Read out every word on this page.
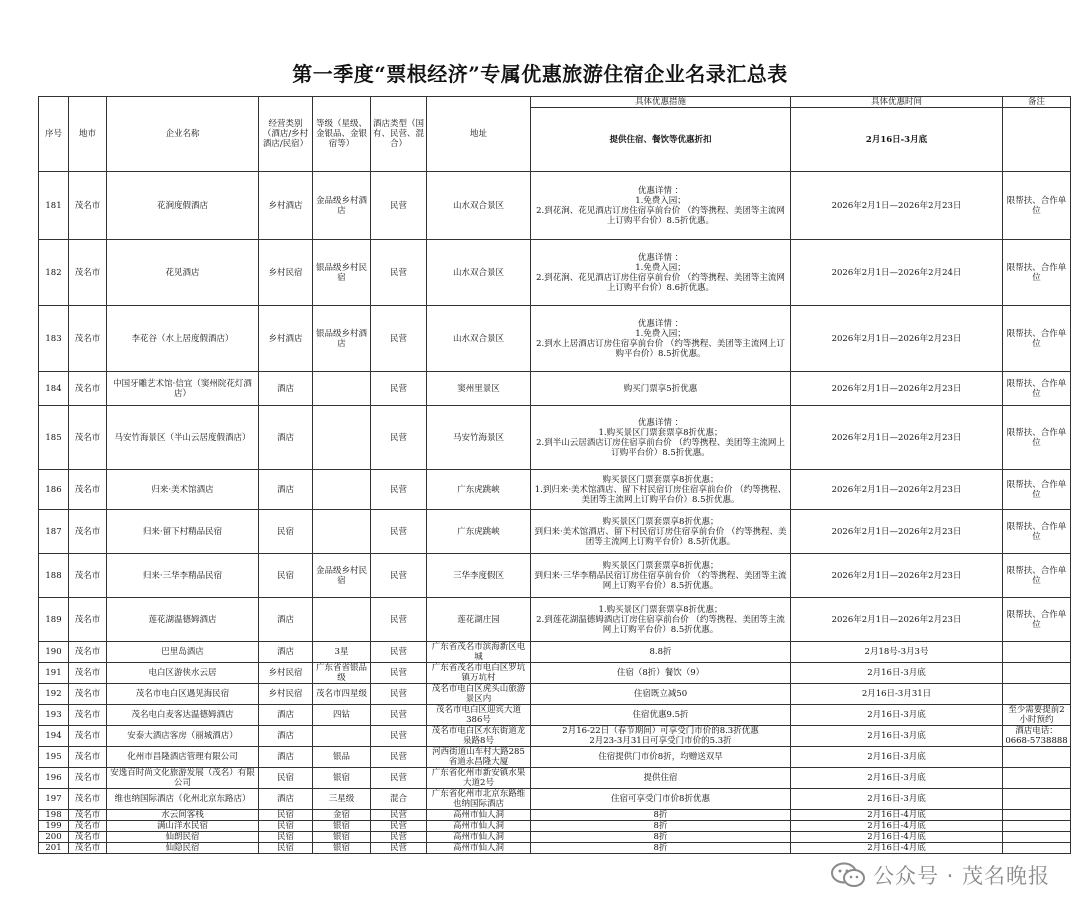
第一季度“票根经济”专属优惠旅游住宿企业名录汇总表
序号	地市	企业名称	经营类别（酒店/乡村酒店/民宿）	等级（星级、金银品、金银宿等）	酒店类型（国有、民营、混合）	地址	具体优惠措施	具体优惠时间	备注
							提供住宿、餐饮等优惠折扣	2月16日-3月底	
181	茂名市	花涧度假酒店	乡村酒店	金品级乡村酒店	民营	山水双合景区	优惠详情 ：
1.免费入园；
2.到花涧、花见酒店订房住宿享前台价 （约等携程、美团等主流网上订购平台价）8.5折优惠。	2026年2月1日—2026年2月23日	限帮扶、合作单位
182	茂名市	花见酒店	乡村民宿	银品级乡村民宿	民营	山水双合景区	优惠详情 ：
1.免费入园；
2.到花涧、花见酒店订房住宿享前台价 （约等携程、美团等主流网上订购平台价）8.6折优惠。	2026年2月1日—2026年2月24日	限帮扶、合作单位
183	茂名市	李花谷（水上居度假酒店）	乡村酒店	银品级乡村酒店	民营	山水双合景区	优惠详情 ：
1.免费入园；
2.到水上居酒店订房住宿享前台价 （约等携程、美团等主流网上订购平台价）8.5折优惠。	2026年2月1日—2026年2月23日	限帮扶、合作单位
184	茂名市	中国牙雕艺术馆·信宜（窦州院花灯酒店）	酒店		民营	窦州里景区	购买门票享5折优惠	2026年2月1日—2026年2月23日	限帮扶、合作单位
185	茂名市	马安竹海景区（半山云居度假酒店）	酒店		民营	马安竹海景区	优惠详情 ：
1.购买景区门票套票享8折优惠；
2.到半山云居酒店订房住宿享前台价 （约等携程、美团等主流网上订购平台价）8.5折优惠。	2026年2月1日—2026年2月23日	限帮扶、合作单位
186	茂名市	归来·美术馆酒店	酒店		民营	广东虎跳峡	购买景区门票套票享8折优惠；
1.到归来·美术馆酒店、留下村民宿订房住宿享前台价 （约等携程、美团等主流网上订购平台价）8.5折优惠。	2026年2月1日—2026年2月23日	限帮扶、合作单位
187	茂名市	归来·留下村精品民宿	民宿		民营	广东虎跳峡	购买景区门票套票享8折优惠；
到归来·美术馆酒店、留下村民宿订房住宿享前台价 （约等携程、美团等主流网上订购平台价）8.5折优惠。	2026年2月1日—2026年2月23日	限帮扶、合作单位
188	茂名市	归来·三华李精品民宿	民宿	金品级乡村民宿	民营	三华李度假区	购买景区门票套票享8折优惠；
到归来·三华李精品民宿订房住宿享前台价 （约等携程、美团等主流网上订购平台价）8.5折优惠。	2026年2月1日—2026年2月23日	限帮扶、合作单位
189	茂名市	莲花湖温德姆酒店	酒店		民营	莲花湖庄园	1.购买景区门票套票享8折优惠；
2.到莲花湖温德姆酒店订房住宿享前台价 （约等携程、美团等主流网上订购平台价）8.5折优惠。	2026年2月1日—2026年2月23日	限帮扶、合作单位
190	茂名市	巴里岛酒店	酒店	3星	民营	广东省茂名市滨海新区电城	8.8折	2月18号-3月3号	
191	茂名市	电白区游侠水云居	乡村民宿	广东省省银品级	民营	广东省茂名市电白区罗坑镇万坑村	住宿（8折）餐饮（9）	2月16日-3月底	
192	茂名市	茂名市电白区遇见海民宿	乡村民宿	茂名市四星级	民营	茂名市电白区虎头山旅游景区内	住宿既立减50	2月16日-3月31日	
193	茂名市	茂名电白麦客达温德姆酒店	酒店	四钻	民营	茂名市电白区迎宾大道386号	住宿优惠9.5折	2月16日-3月底	至少需要提前2小时预约
194	茂名市	安泰大酒店客房（丽城酒店）	酒店		民营	茂名市电白区水东街道龙泉路8号	2月16-22日（春节期间）可享受门市价的8.3折优惠
2月23-3月31日可享受门市价的5.3折	2月16日-3月底	酒店电话：0668-5738888
195	茂名市	化州市昌隆酒店管理有限公司	酒店	银品	民营	河西街道山车村大路285省道永昌隆大厦	住宿提供门市价8折，均赠送双早	2月16日-3月底	
196	茂名市	安逸百时尚文化旅游发展（茂名）有限公司	民宿	银宿	民营	广东省化州市新安镇水果大道2号	提供住宿	2月16日-3月底	
197	茂名市	维也纳国际酒店（化州北京东路店）	酒店	三星级	混合	广东省化州市北京东路维也纳国际酒店	住宿可享受门市价8折优惠	2月16日-3月底	
198	茂名市	水云间客栈	民宿	金宿	民营	高州市仙人洞	8折	2月16日-4月底	
199	茂名市	满山洋水民宿	民宿	银宿	民营	高州市仙人洞	8折	2月16日-4月底	
200	茂名市	仙朗民宿	民宿	银宿	民营	高州市仙人洞	8折	2月16日-4月底	
201	茂名市	仙隐民宿	民宿	银宿	民营	高州市仙人洞	8折	2月16日-4月底	
公众号 · 茂名晚报
